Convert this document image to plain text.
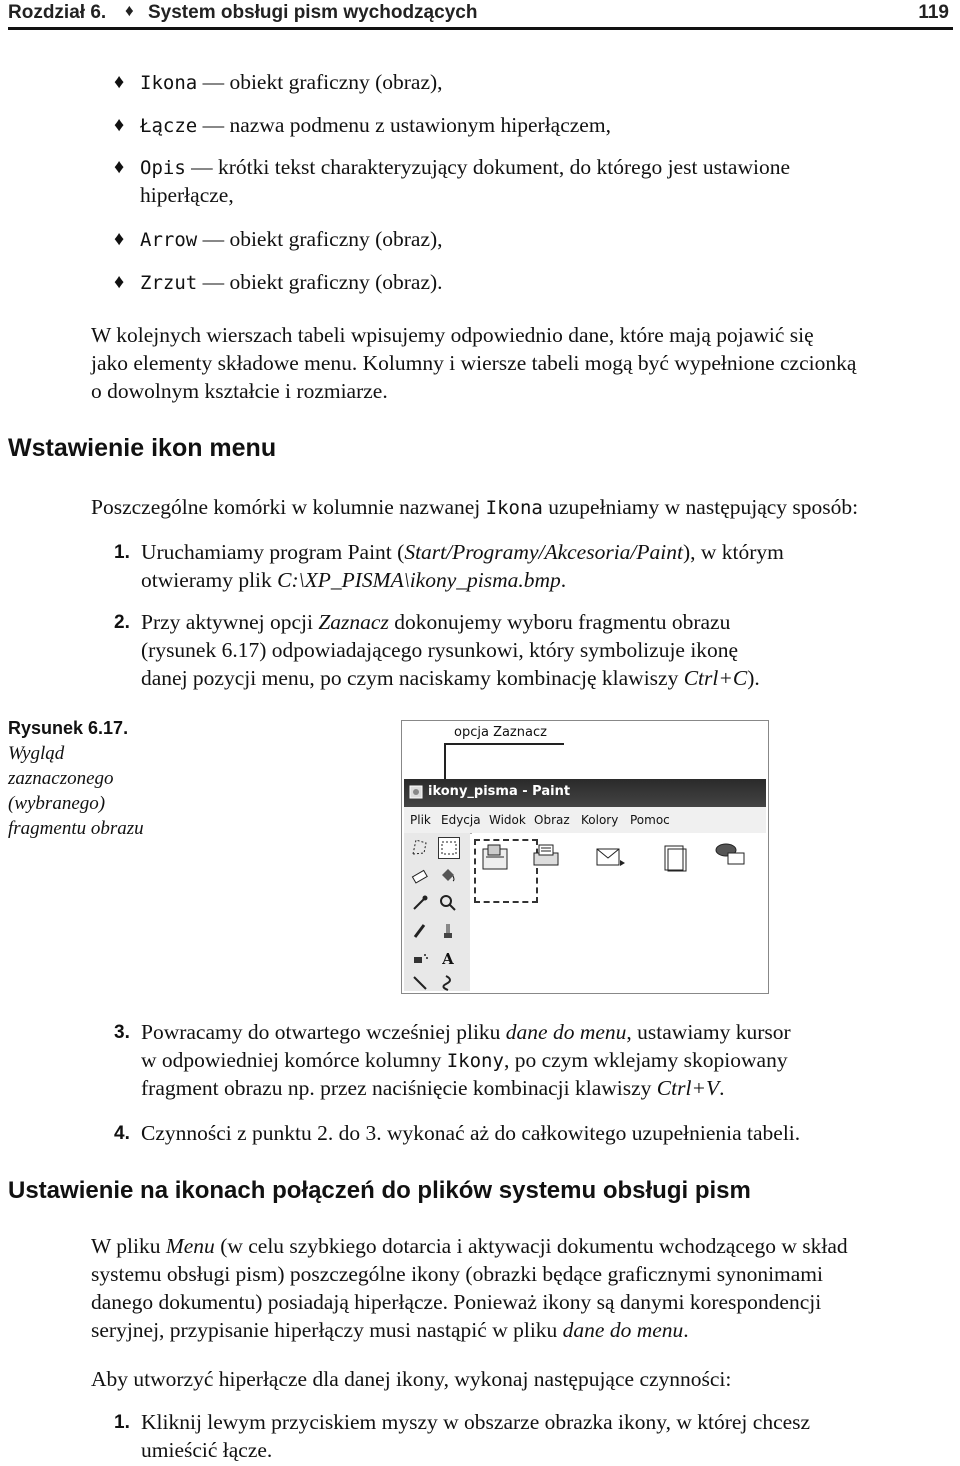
Rozdział 6. ♦ System obsługi pism wychodzących	119
♦ Ikona — obiekt graficzny (obraz),
♦ Łącze — nazwa podmenu z ustawionym hiperłączem,
♦ Opis — krótki tekst charakteryzujący dokument, do którego jest ustawione
hiperłącze,
♦ Arrow — obiekt graficzny (obraz),
♦ Zrzut — obiekt graficzny (obraz).
W kolejnych wierszach tabeli wpisujemy odpowiednio dane, które mają pojawić się
jako elementy składowe menu. Kolumny i wiersze tabeli mogą być wypełnione czcionką
o dowolnym kształcie i rozmiarze.
Wstawienie ikon menu
Poszczególne komórki w kolumnie nazwanej Ikona uzupełniamy w następujący sposób:
1. Uruchamiamy program Paint (Start/Programy/Akcesoria/Paint), w którym
otwieramy plik C:\XP_PISMA\ikony_pisma.bmp.
2. Przy aktywnej opcji Zaznacz dokonujemy wyboru fragmentu obrazu
(rysunek 6.17) odpowiadającego rysunkowi, który symbolizuje ikonę
danej pozycji menu, po czym naciskamy kombinację klawiszy Ctrl+C).
Rysunek 6.17.
Wygląd
zaznaczonego
(wybranego)
fragmentu obrazu
opcja Zaznacz
ikony_pisma - Paint
Plik Edycja Widok Obraz Kolory Pomoc
A
3. Powracamy do otwartego wcześniej pliku dane do menu, ustawiamy kursor
w odpowiedniej komórce kolumny Ikony, po czym wklejamy skopiowany
fragment obrazu np. przez naciśnięcie kombinacji klawiszy Ctrl+V.
4. Czynności z punktu 2. do 3. wykonać aż do całkowitego uzupełnienia tabeli.
Ustawienie na ikonach połączeń do plików systemu obsługi pism
W pliku Menu (w celu szybkiego dotarcia i aktywacji dokumentu wchodzącego w skład
systemu obsługi pism) poszczególne ikony (obrazki będące graficznymi synonimami
danego dokumentu) posiadają hiperłącze. Ponieważ ikony są danymi korespondencji
seryjnej, przypisanie hiperłączy musi nastąpić w pliku dane do menu.
Aby utworzyć hiperłącze dla danej ikony, wykonaj następujące czynności:
1. Kliknij lewym przyciskiem myszy w obszarze obrazka ikony, w której chcesz
umieścić łącze.
